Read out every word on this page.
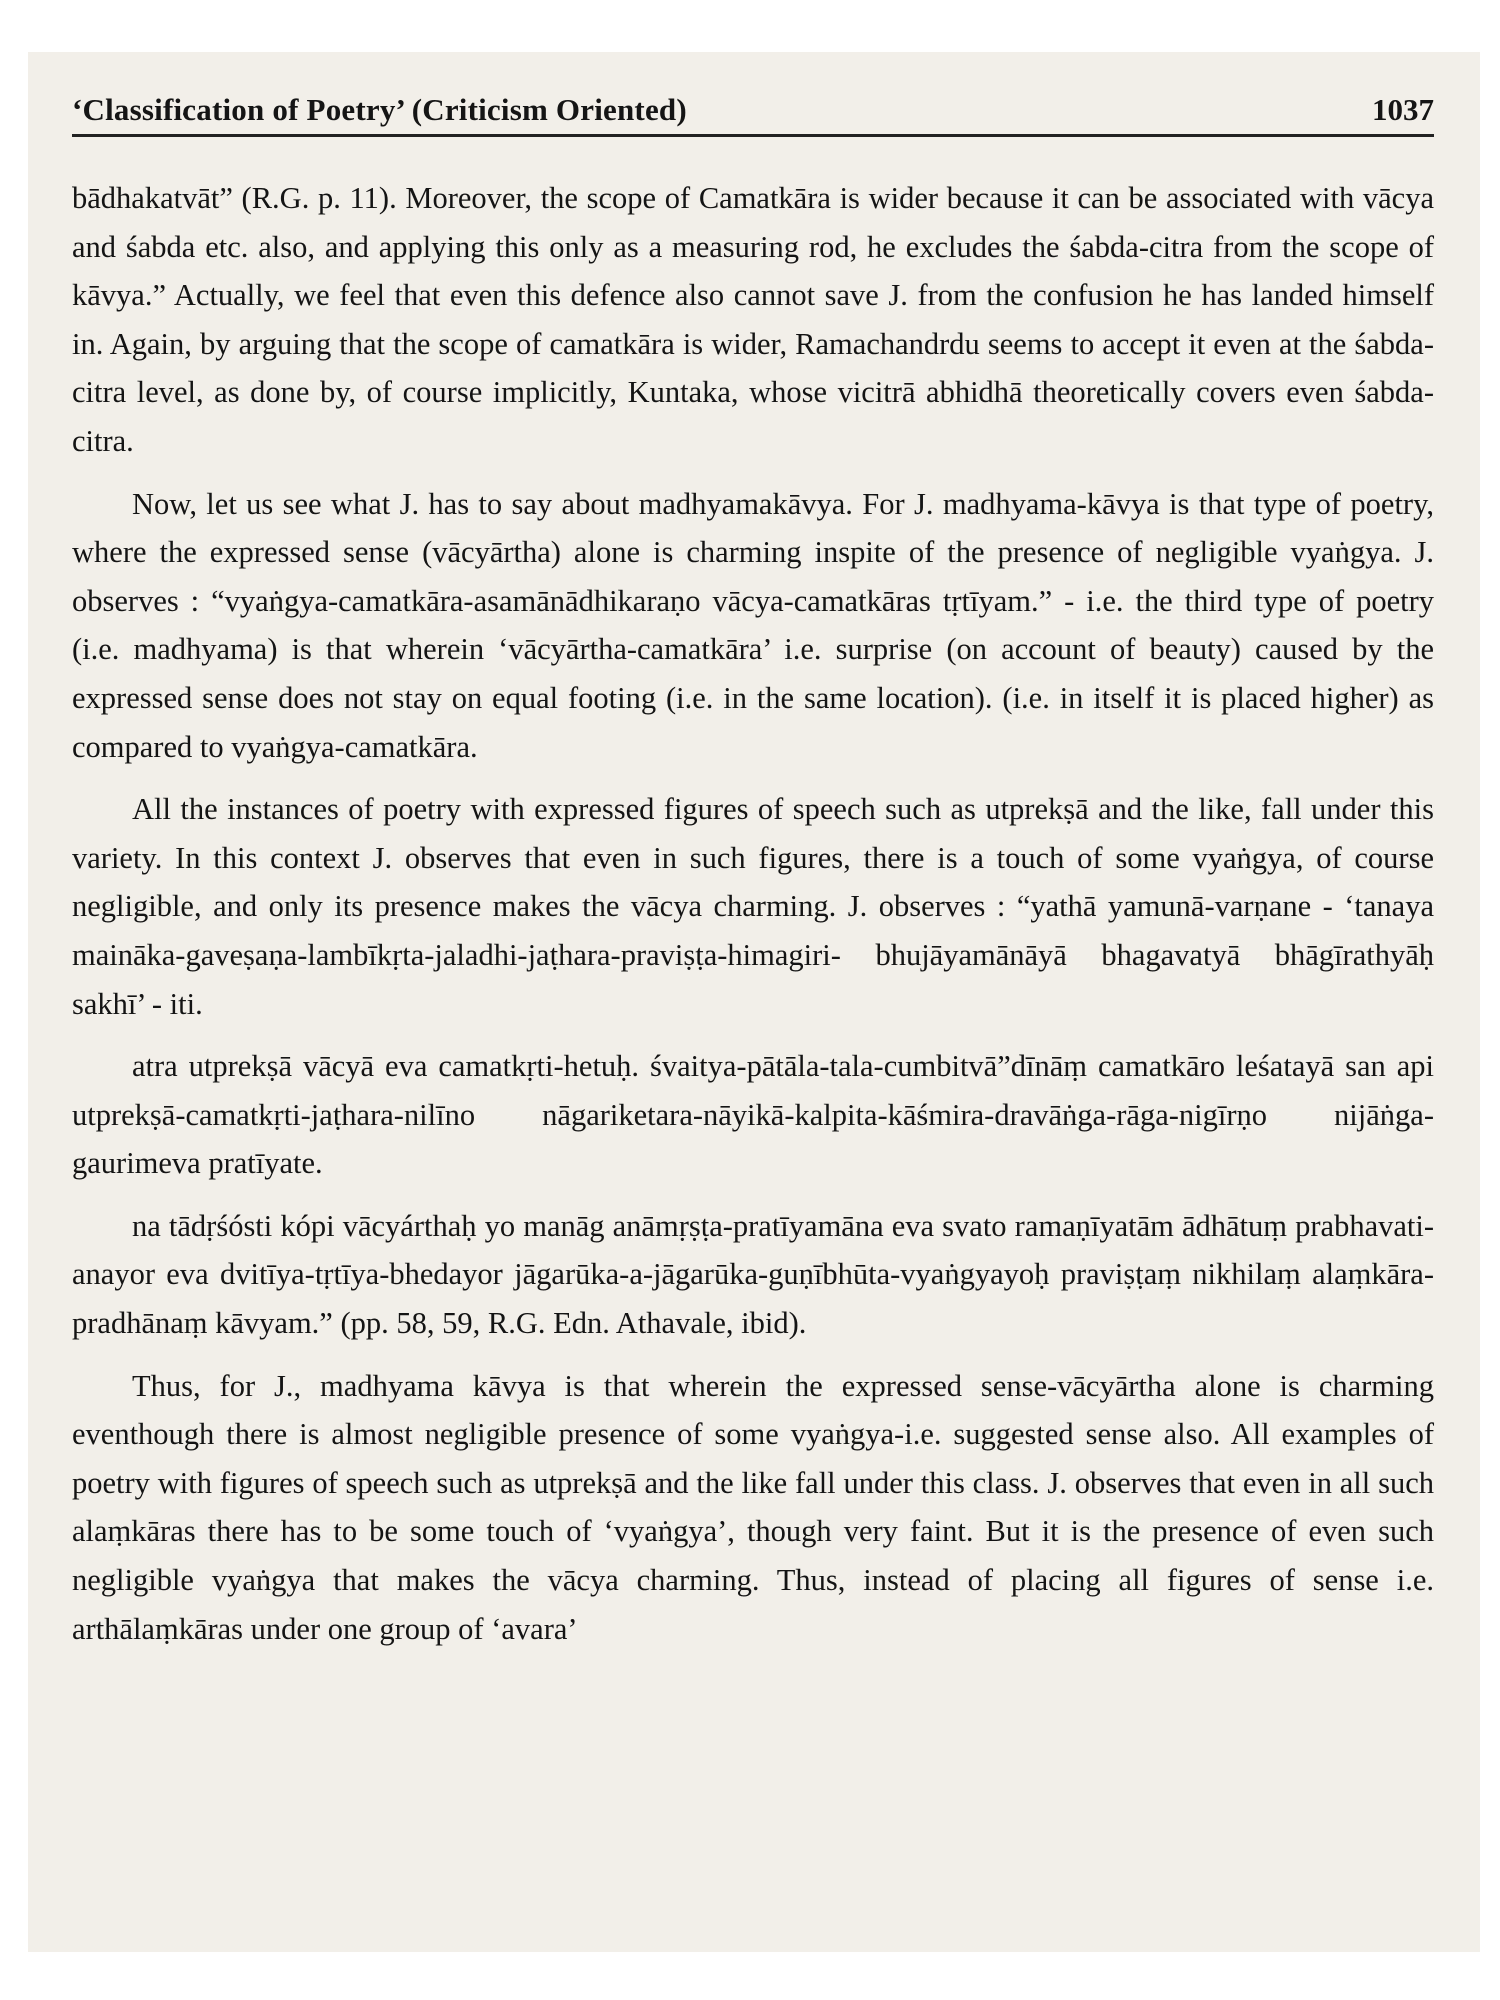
‘Classification of Poetry’ (Criticism Oriented)	1037

bādhakatvāt” (R.G. p. 11). Moreover, the scope of Camatkāra is wider because it can be associated with vācya and śabda etc. also, and applying this only as a measuring rod, he excludes the śabda-citra from the scope of kāvya.” Actually, we feel that even this defence also cannot save J. from the confusion he has landed himself in. Again, by arguing that the scope of camatkāra is wider, Ramachandrdu seems to accept it even at the śabda-citra level, as done by, of course implicitly, Kuntaka, whose vicitrā abhidhā theoretically covers even śabda-citra.

Now, let us see what J. has to say about madhyamakāvya. For J. madhyama-kāvya is that type of poetry, where the expressed sense (vācyārtha) alone is charming inspite of the presence of negligible vyaṅgya. J. observes : “vyaṅgya-camatkāra-asamānādhikaraṇo vācya-camatkāras tṛtīyam.” - i.e. the third type of poetry (i.e. madhyama) is that wherein ‘vācyārtha-camatkāra’ i.e. surprise (on account of beauty) caused by the expressed sense does not stay on equal footing (i.e. in the same location). (i.e. in itself it is placed higher) as compared to vyaṅgya-camatkāra.

All the instances of poetry with expressed figures of speech such as utprekṣā and the like, fall under this variety. In this context J. observes that even in such figures, there is a touch of some vyaṅgya, of course negligible, and only its presence makes the vācya charming. J. observes : “yathā yamunā-varṇane - ‘tanaya maināka-gaveṣaṇa-lambīkṛta-jaladhi-jaṭhara-praviṣṭa-himagiri- bhujāyamānāyā bhagavatyā bhāgīrathyāḥ sakhī’ - iti.

atra utprekṣā vācyā eva camatkṛti-hetuḥ. śvaitya-pātāla-tala-cumbitvā”dīnāṃ camatkāro leśatayā san api utprekṣā-camatkṛti-jaṭhara-nilīno nāgariketara-nāyikā-kalpita-kāśmira-dravāṅga-rāga-nigīrṇo nijāṅga-gaurimeva pratīyate.

na tādṛśósti kópi vācyárthaḥ yo manāg anāmṛṣṭa-pratīyamāna eva svato ramaṇīyatām ādhātuṃ prabhavati-anayor eva dvitīya-tṛtīya-bhedayor jāgarūka-a-jāgarūka-guṇībhūta-vyaṅgyayoḥ praviṣṭaṃ nikhilaṃ alaṃkāra-pradhānaṃ kāvyam.” (pp. 58, 59, R.G. Edn. Athavale, ibid).

Thus, for J., madhyama kāvya is that wherein the expressed sense-vācyārtha alone is charming eventhough there is almost negligible presence of some vyaṅgya-i.e. suggested sense also. All examples of poetry with figures of speech such as utprekṣā and the like fall under this class. J. observes that even in all such alaṃkāras there has to be some touch of ‘vyaṅgya’, though very faint. But it is the presence of even such negligible vyaṅgya that makes the vācya charming. Thus, instead of placing all figures of sense i.e. arthālaṃkāras under one group of ‘avara’
